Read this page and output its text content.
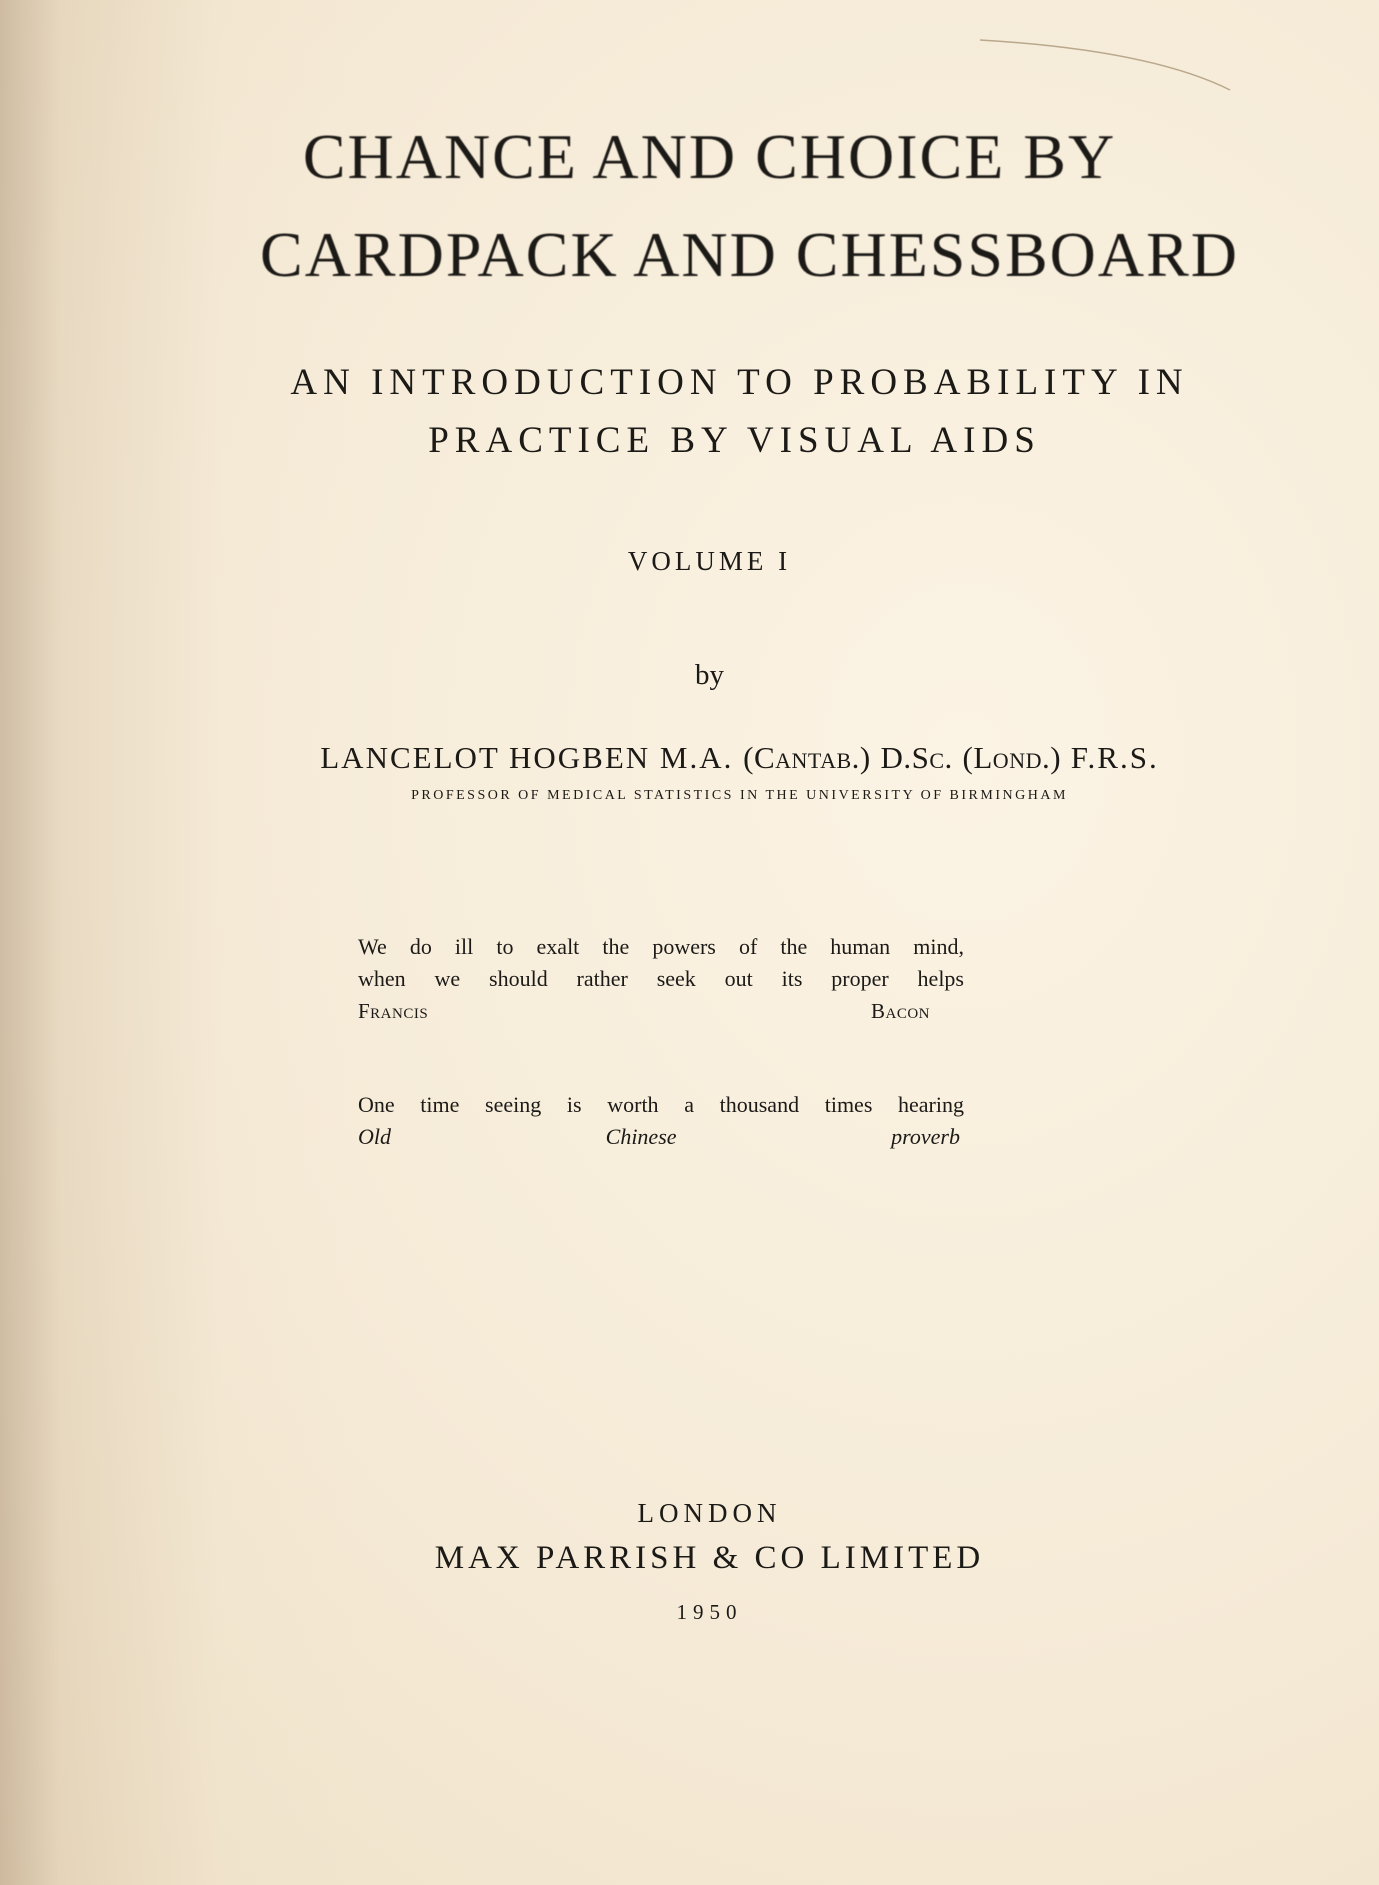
CHANCE AND CHOICE BY
CARDPACK AND CHESSBOARD
AN INTRODUCTION TO PROBABILITY IN
PRACTICE BY VISUAL AIDS
VOLUME I
by
LANCELOT HOGBEN M.A. (Cantab.) D.Sc. (Lond.) F.R.S.
PROFESSOR OF MEDICAL STATISTICS IN THE UNIVERSITY OF BIRMINGHAM

We do ill to exalt the powers of the human mind,

when we should rather seek out its proper helps

Francis Bacon

One time seeing is worth a thousand times hearing

Old Chinese proverb

LONDON
MAX PARRISH & CO LIMITED
1950
